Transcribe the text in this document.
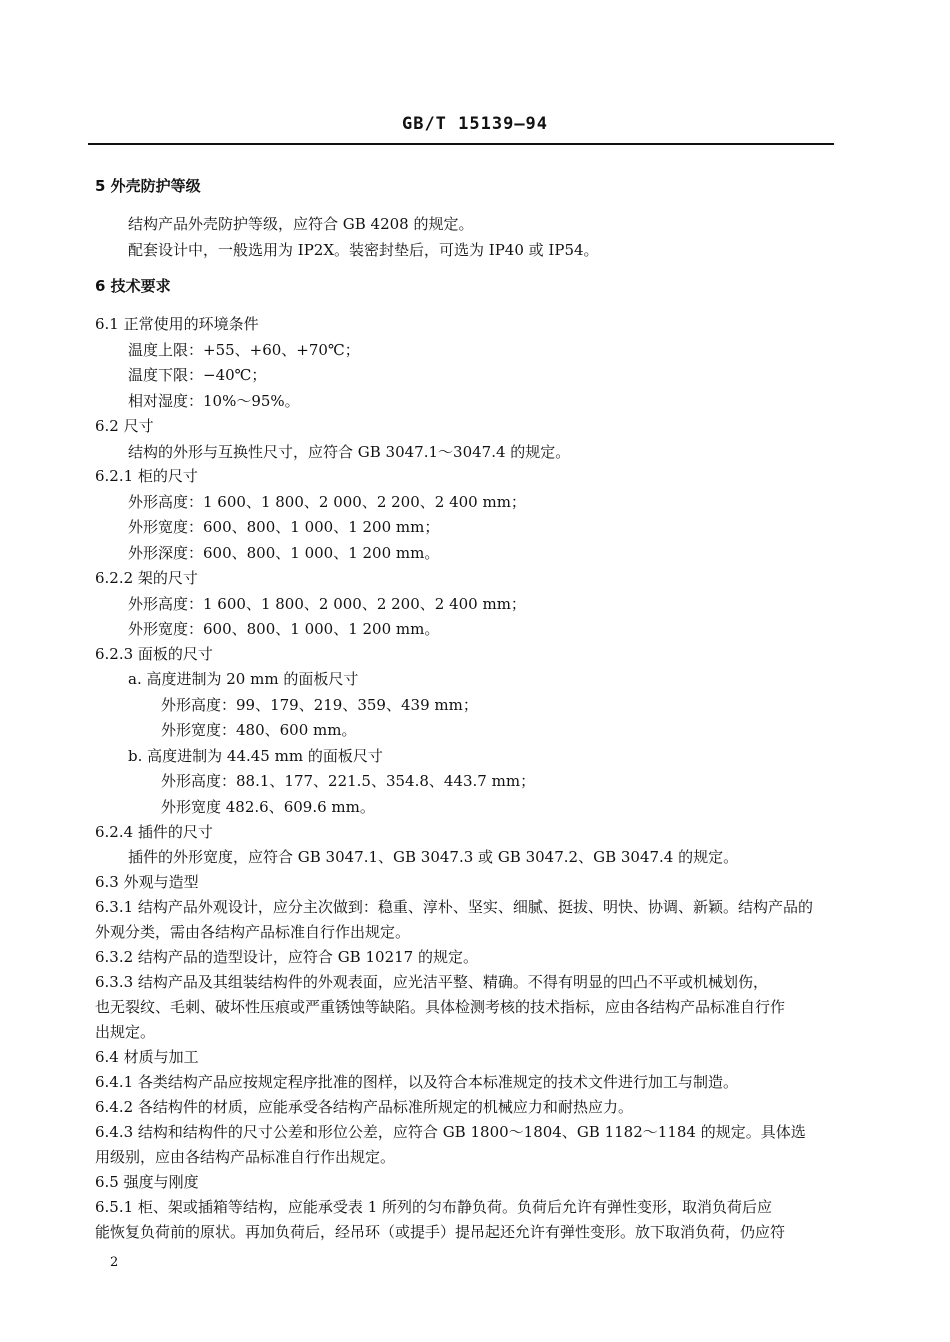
GB/T 15139—94
5 外壳防护等级
结构产品外壳防护等级，应符合 GB 4208 的规定。
配套设计中，一般选用为 IP2X。装密封垫后，可选为 IP40 或 IP54。
6 技术要求
6.1 正常使用的环境条件
温度上限：+55、+60、+70℃；
温度下限：−40℃；
相对湿度：10%～95%。
6.2 尺寸
结构的外形与互换性尺寸，应符合 GB 3047.1～3047.4 的规定。
6.2.1 柜的尺寸
外形高度：1 600、1 800、2 000、2 200、2 400 mm；
外形宽度：600、800、1 000、1 200 mm；
外形深度：600、800、1 000、1 200 mm。
6.2.2 架的尺寸
外形高度：1 600、1 800、2 000、2 200、2 400 mm；
外形宽度：600、800、1 000、1 200 mm。
6.2.3 面板的尺寸
a. 高度进制为 20 mm 的面板尺寸
外形高度：99、179、219、359、439 mm；
外形宽度：480、600 mm。
b. 高度进制为 44.45 mm 的面板尺寸
外形高度：88.1、177、221.5、354.8、443.7 mm；
外形宽度 482.6、609.6 mm。
6.2.4 插件的尺寸
插件的外形宽度，应符合 GB 3047.1、GB 3047.3 或 GB 3047.2、GB 3047.4 的规定。
6.3 外观与造型
6.3.1 结构产品外观设计，应分主次做到：稳重、淳朴、坚实、细腻、挺拔、明快、协调、新颖。结构产品的
外观分类，需由各结构产品标准自行作出规定。
6.3.2 结构产品的造型设计，应符合 GB 10217 的规定。
6.3.3 结构产品及其组装结构件的外观表面，应光洁平整、精确。不得有明显的凹凸不平或机械划伤，
也无裂纹、毛刺、破坏性压痕或严重锈蚀等缺陷。具体检测考核的技术指标，应由各结构产品标准自行作
出规定。
6.4 材质与加工
6.4.1 各类结构产品应按规定程序批准的图样，以及符合本标准规定的技术文件进行加工与制造。
6.4.2 各结构件的材质，应能承受各结构产品标准所规定的机械应力和耐热应力。
6.4.3 结构和结构件的尺寸公差和形位公差，应符合 GB 1800～1804、GB 1182～1184 的规定。具体选
用级别，应由各结构产品标准自行作出规定。
6.5 强度与刚度
6.5.1 柜、架或插箱等结构，应能承受表 1 所列的匀布静负荷。负荷后允许有弹性变形，取消负荷后应
能恢复负荷前的原状。再加负荷后，经吊环（或提手）提吊起还允许有弹性变形。放下取消负荷，仍应符
2
